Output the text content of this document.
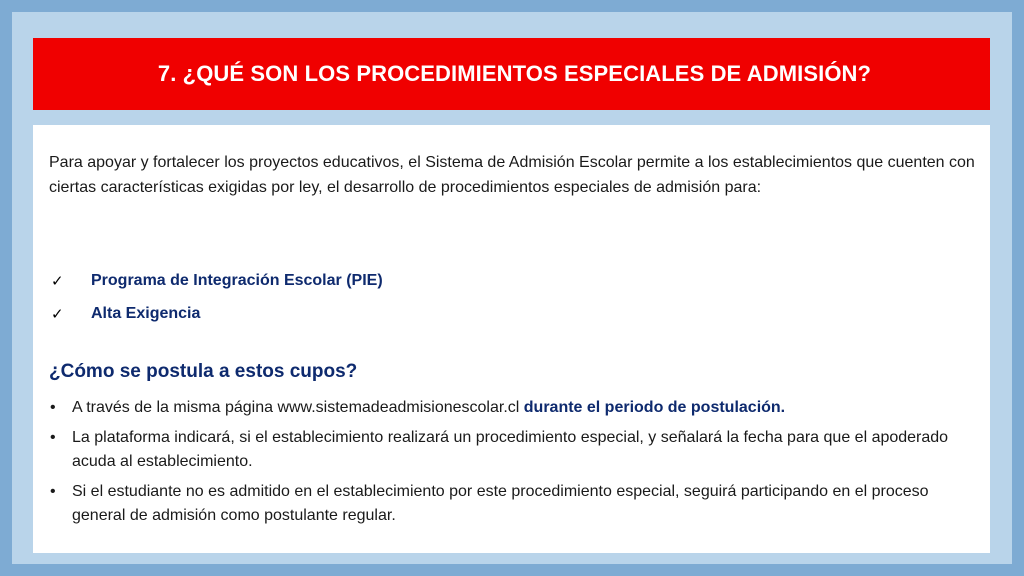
7. ¿QUÉ SON LOS PROCEDIMIENTOS ESPECIALES DE ADMISIÓN?

Para apoyar y fortalecer los proyectos educativos, el Sistema de Admisión Escolar permite a los establecimientos que cuenten con ciertas características exigidas por ley, el desarrollo de procedimientos especiales de admisión para:

✓	Programa de Integración Escolar (PIE)
✓	Alta Exigencia
¿Cómo se postula a estos cupos?
•	A través de la misma página www.sistemadeadmisionescolar.cl durante el periodo de postulación.
•	La plataforma indicará, si el establecimiento realizará un procedimiento especial, y señalará la fecha para que el apoderado acuda al establecimiento.
•	Si el estudiante no es admitido en el establecimiento por este procedimiento especial, seguirá participando en el proceso general de admisión como postulante regular.
